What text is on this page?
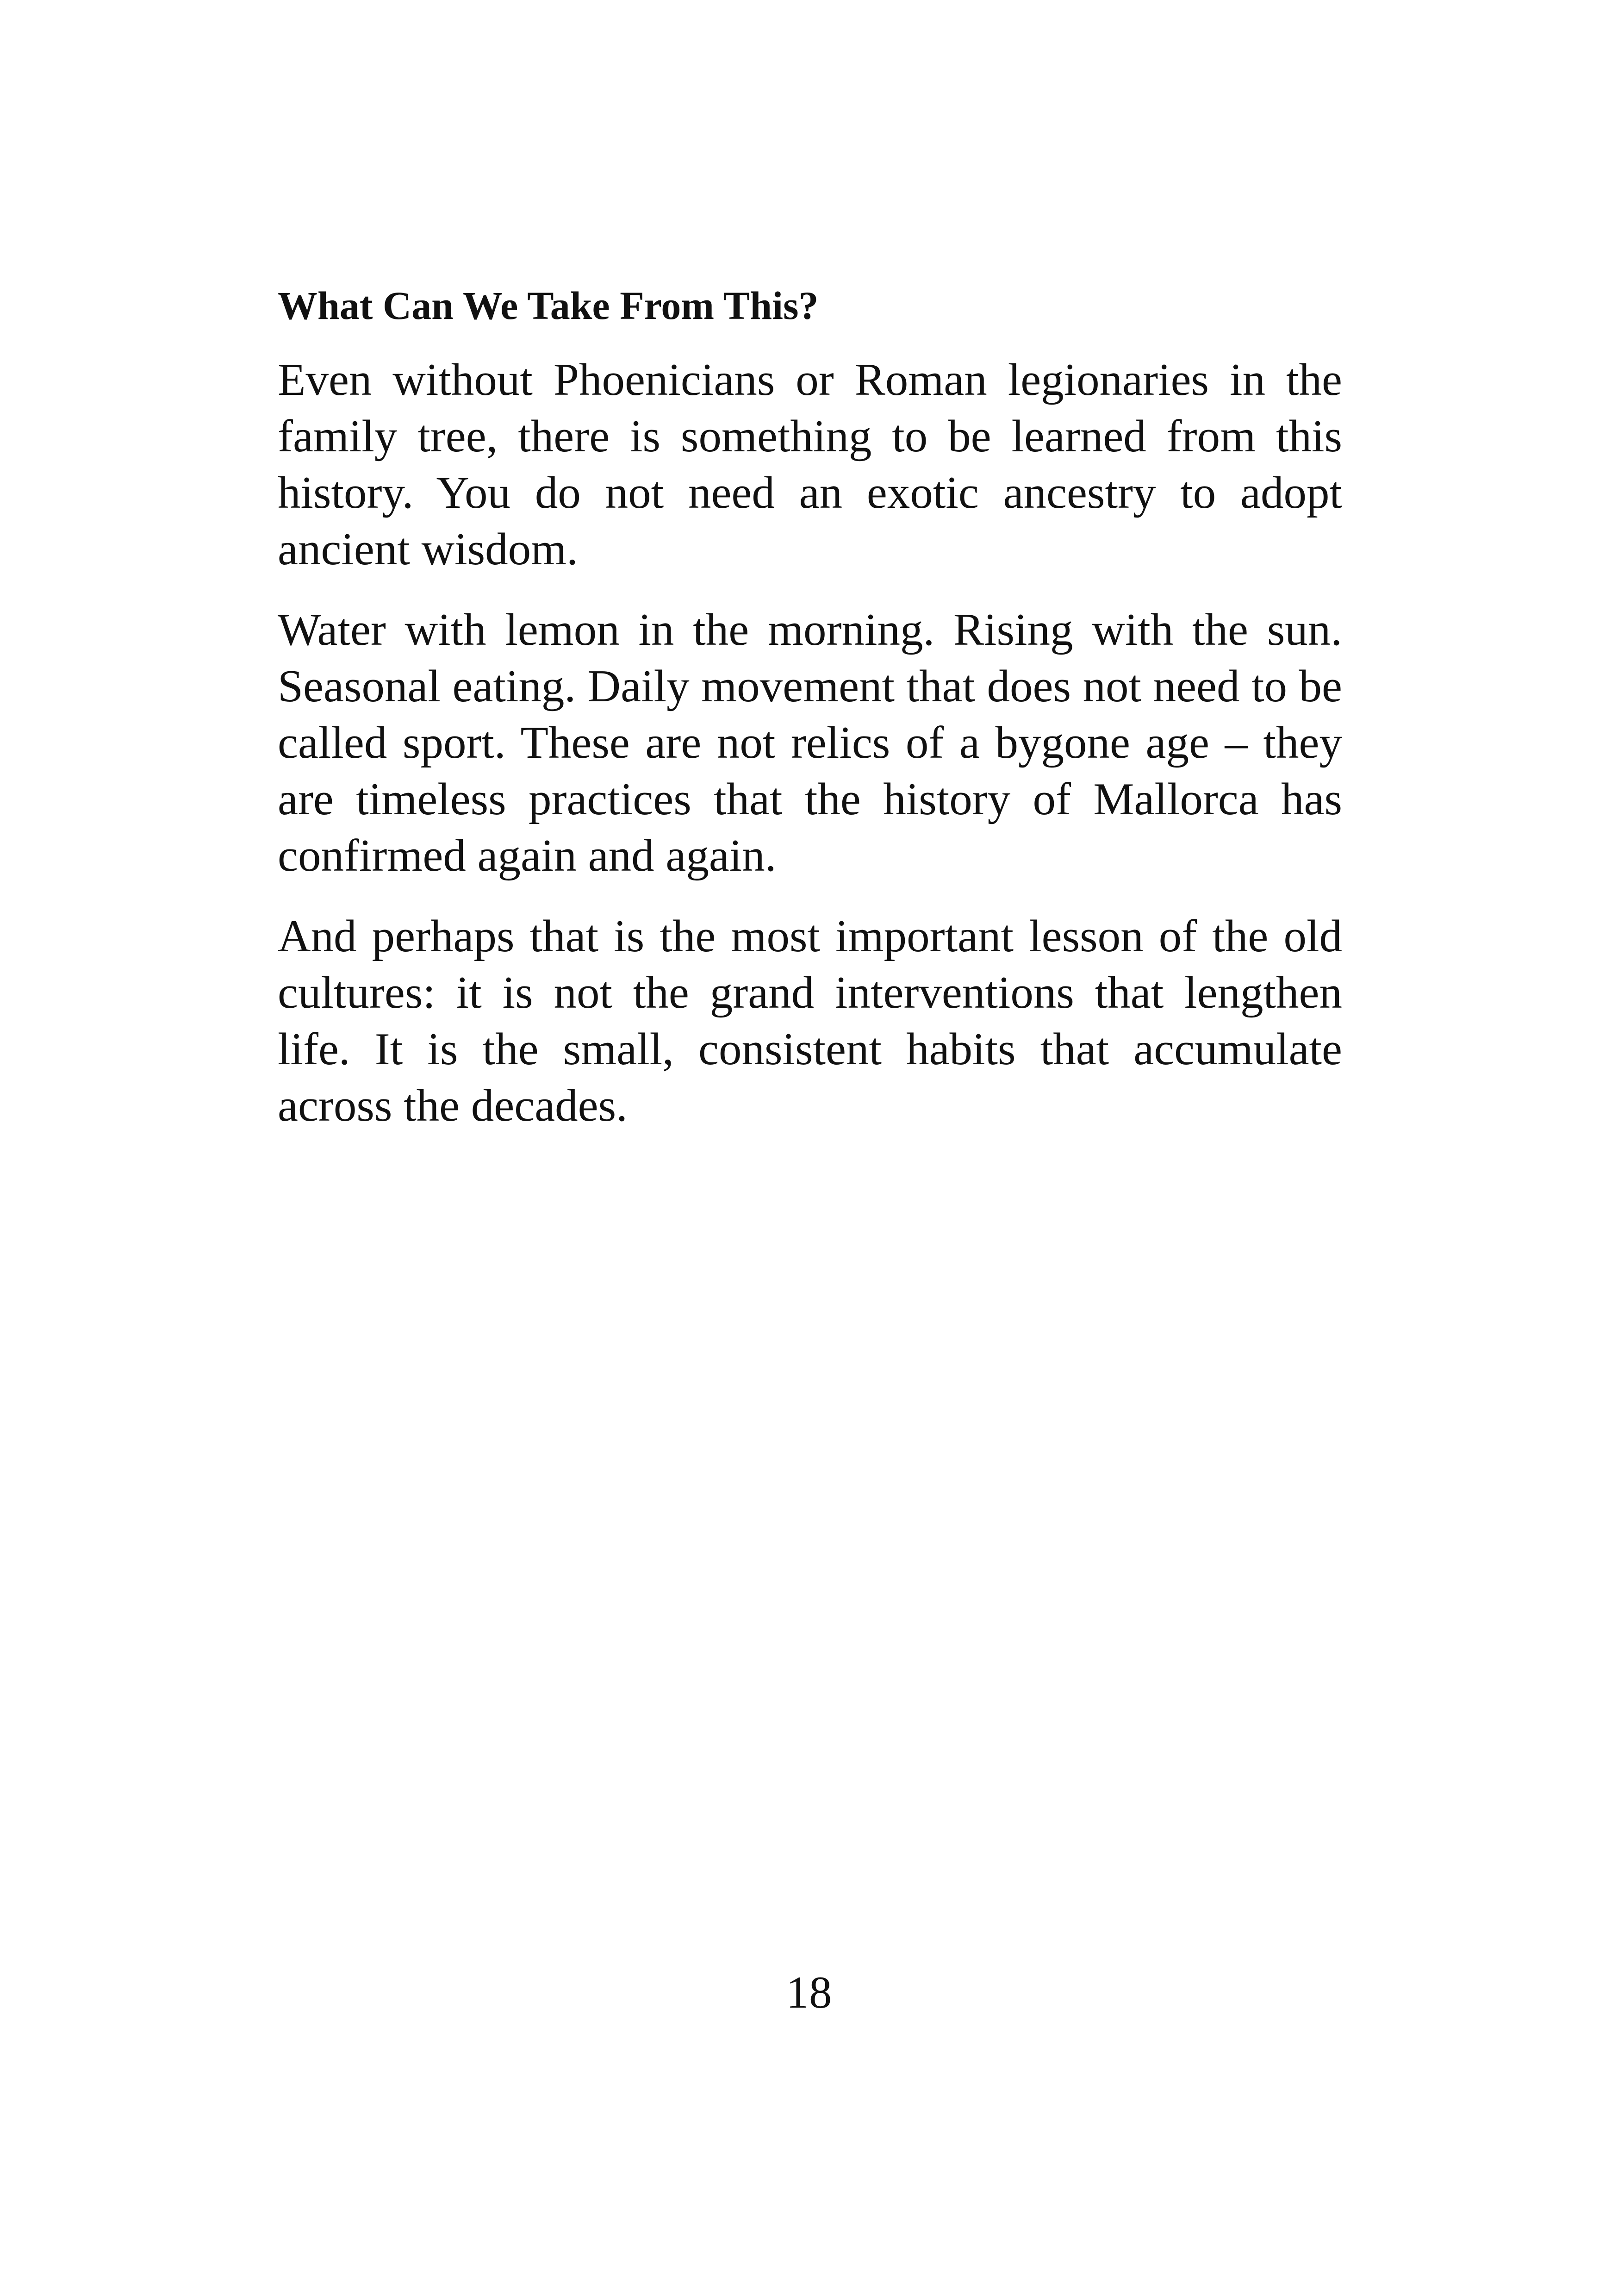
What Can We Take From This?

Even without Phoenicians or Roman legionaries in the family tree, there is something to be learned from this history. You do not need an exotic ancestry to adopt ancient wisdom.

Water with lemon in the morning. Rising with the sun. Seasonal eating. Daily movement that does not need to be called sport. These are not relics of a bygone age – they are timeless practices that the history of Mallorca has confirmed again and again.

And perhaps that is the most important lesson of the old cultures: it is not the grand interventions that lengthen life. It is the small, consistent habits that accumulate across the decades.

18
